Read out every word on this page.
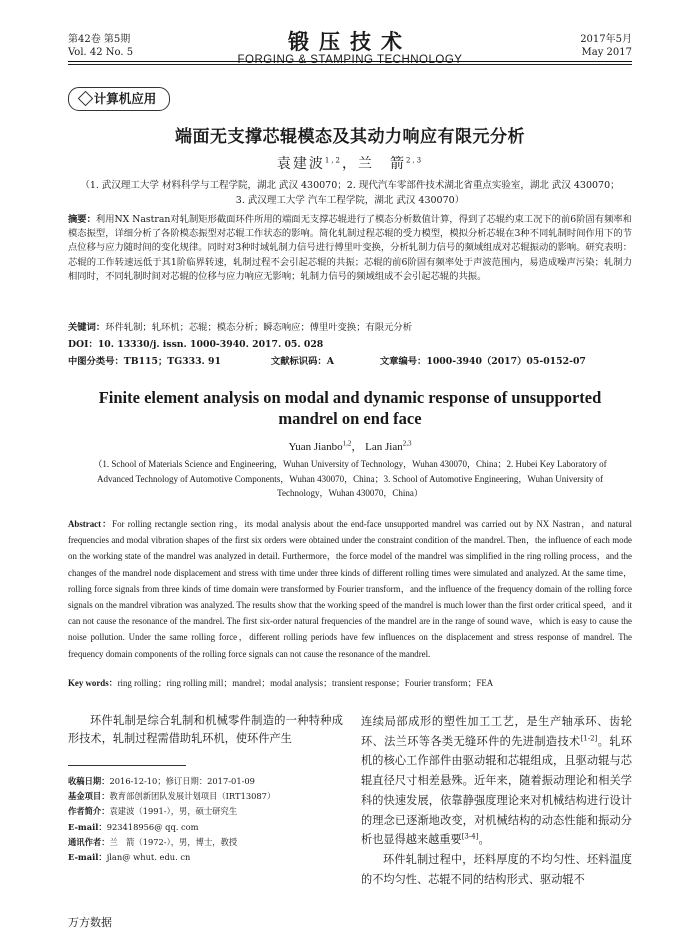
第42卷 第5期
Vol. 42 No. 5	锻压技术
FORGING & STAMPING TECHNOLOGY
2017年5月
May 2017
计算机应用
端面无支撑芯辊模态及其动力响应有限元分析
袁建波$^{1,2}$，兰　箭$^{2,3}$
（1. 武汉理工大学 材料科学与工程学院，湖北 武汉 430070；2. 现代汽车零部件技术湖北省重点实验室，湖北 武汉 430070；
3. 武汉理工大学 汽车工程学院，湖北 武汉 430070）
摘要：利用NX Nastran对轧制矩形截面环件所用的端面无支撑芯辊进行了模态分析数值计算，得到了芯辊约束工况下的前6阶固有频率和模态振型，详细分析了各阶模态振型对芯辊工作状态的影响。简化轧制过程芯辊的受力模型，模拟分析芯辊在3种不同轧制时间作用下的节点位移与应力随时间的变化规律。同时对3种时域轧制力信号进行傅里叶变换，分析轧制力信号的频域组成对芯辊振动的影响。研究表明：芯辊的工作转速远低于其1阶临界转速，轧制过程不会引起芯辊的共振；芯辊的前6阶固有频率处于声波范围内，易造成噪声污染；轧制力相同时，不同轧制时间对芯辊的位移与应力响应无影响；轧制力信号的频域组成不会引起芯辊的共振。
关键词：环件轧制；轧环机；芯辊；模态分析；瞬态响应；傅里叶变换；有限元分析
DOI：10. 13330/j. issn. 1000-3940. 2017. 05. 028
中图分类号：TB115；TG333. 91	文献标识码：A	文章编号：1000-3940（2017）05-0152-07
Finite element analysis on modal and dynamic response of unsupported mandrel on end face
Yuan Jianbo$^{1,2}$， Lan Jian$^{2,3}$
（1. School of Materials Science and Engineering，Wuhan University of Technology，Wuhan 430070，China；2. Hubei Key Laboratory of Advanced Technology of Automotive Components，Wuhan 430070，China；3. School of Automotive Engineering，Wuhan University of Technology，Wuhan 430070，China）
Abstract：For rolling rectangle section ring，its modal analysis about the end-face unsupported mandrel was carried out by NX Nastran，and natural frequencies and modal vibration shapes of the first six orders were obtained under the constraint condition of the mandrel. Then，the influence of each mode on the working state of the mandrel was analyzed in detail. Furthermore，the force model of the mandrel was simplified in the ring rolling process，and the changes of the mandrel node displacement and stress with time under three kinds of different rolling times were simulated and analyzed. At the same time，rolling force signals from three kinds of time domain were transformed by Fourier transform，and the influence of the frequency domain of the rolling force signals on the mandrel vibration was analyzed. The results show that the working speed of the mandrel is much lower than the first order critical speed，and it can not cause the resonance of the mandrel. The first six-order natural frequencies of the mandrel are in the range of sound wave，which is easy to cause the noise pollution. Under the same rolling force，different rolling periods have few influences on the displacement and stress response of mandrel. The frequency domain components of the rolling force signals can not cause the resonance of the mandrel.
Key words：ring rolling；ring rolling mill；mandrel；modal analysis；transient response；Fourier transform；FEA
环件轧制是综合轧制和机械零件制造的一种特种成形技术，轧制过程需借助轧环机，使环件产生

连续局部成形的塑性加工工艺，是生产轴承环、齿轮环、法兰环等各类无缝环件的先进制造技术[1-2]。轧环机的核心工作部件由驱动辊和芯辊组成，且驱动辊与芯辊直径尺寸相差悬殊。近年来，随着振动理论和相关学科的快速发展，依靠静强度理论来对机械结构进行设计的理念已逐渐地改变，对机械结构的动态性能和振动分析也显得越来越重要[3-4]。

环件轧制过程中，坯料厚度的不均匀性、坯料温度的不均匀性、芯辊不同的结构形式、驱动辊不

收稿日期：2016-12-10；修订日期：2017-01-09
基金项目：教育部创新团队发展计划项目（IRT13087）
作者简介：袁建波（1991-），男，硕士研究生
E-mail：923418956@ qq. com
通讯作者：兰　箭（1972-），男，博士，教授
E-mail：jlan@ whut. edu. cn
万方数据
